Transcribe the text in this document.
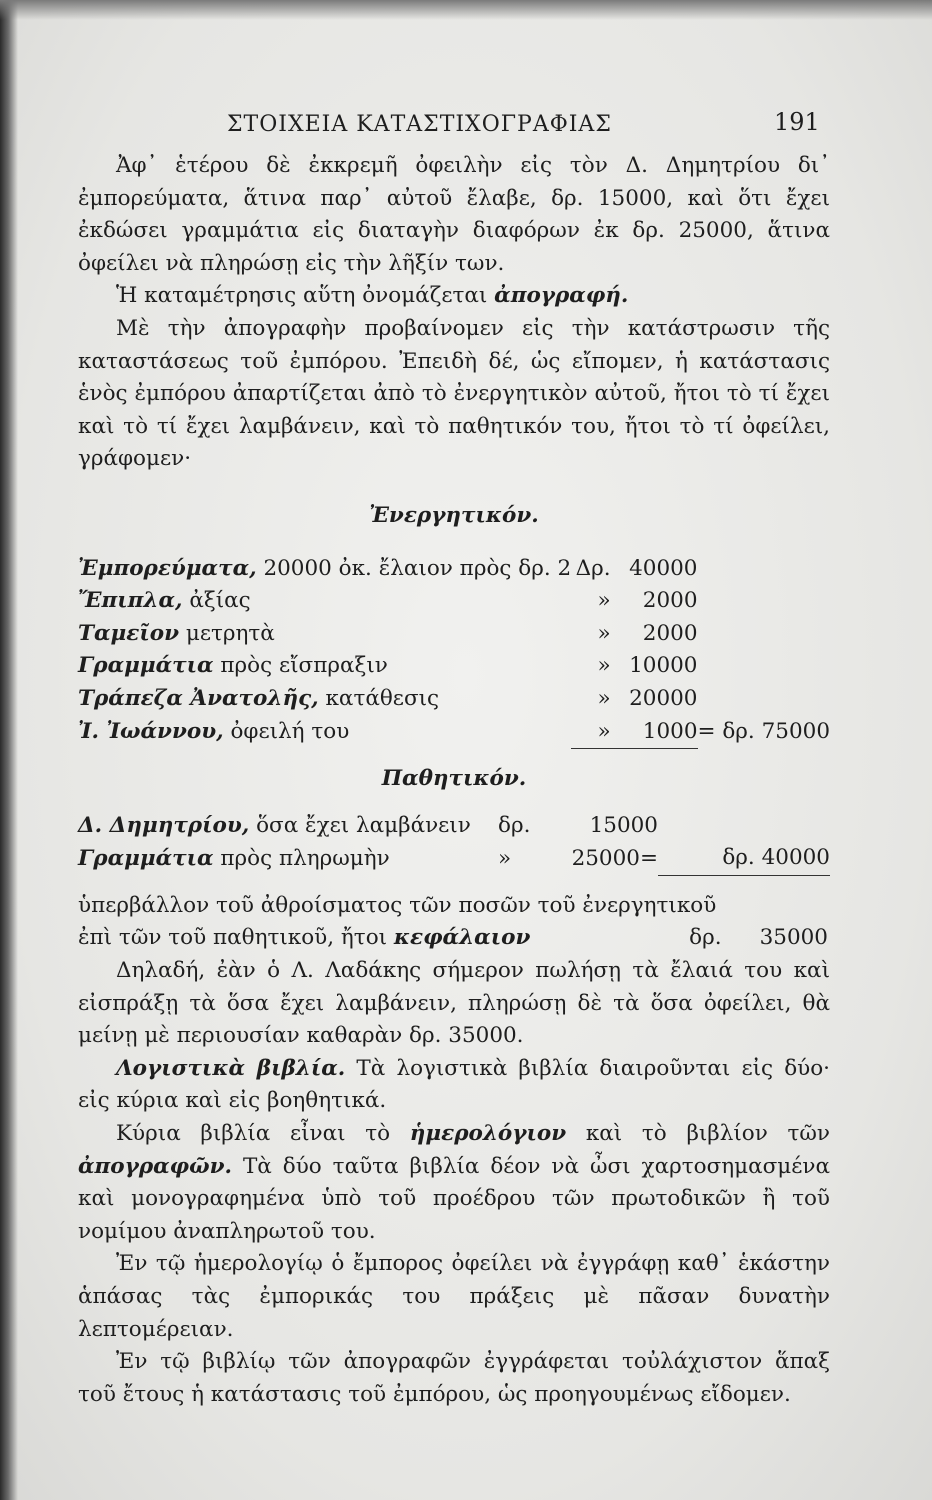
ΣΤΟΙΧΕΙΑ ΚΑΤΑΣΤΙΧΟΓΡΑΦΙΑΣ	191

Ἀφ᾽ ἑτέρου δὲ ἐκκρεμῆ ὀφειλὴν εἰς τὸν Δ. Δημητρίου δι᾽ ἐμπορεύματα, ἅτινα παρ᾽ αὐτοῦ ἔλαβε, δρ. 15000, καὶ ὅτι ἔχει ἐκδώσει γραμμάτια εἰς διαταγὴν διαφόρων ἐκ δρ. 25000, ἅτινα ὀφείλει νὰ πληρώσῃ εἰς τὴν λῆξίν των.

Ἡ καταμέτρησις αὕτη ὀνομάζεται ἀπογραφή.

Μὲ τὴν ἀπογραφὴν προβαίνομεν εἰς τὴν κατάστρωσιν τῆς καταστάσεως τοῦ ἐμπόρου. Ἐπειδὴ δέ, ὡς εἴπομεν, ἡ κατάστασις ἑνὸς ἐμπόρου ἀπαρτίζεται ἀπὸ τὸ ἐνεργητικὸν αὐτοῦ, ἤτοι τὸ τί ἔχει καὶ τὸ τί ἔχει λαμβάνειν, καὶ τὸ παθητικόν του, ἤτοι τὸ τί ὀφείλει, γράφομεν·

Ἐνεργητικόν.
Ἐμπορεύματα, 20000 ὀκ. ἔλαιον πρὸς δρ. 2	Δρ.	40000	
Ἔπιπλα, ἀξίας	»	2000	
Ταμεῖον μετρητὰ	»	2000	
Γραμμάτια πρὸς εἴσπραξιν	»	10000	
Τράπεζα Ἀνατολῆς, κατάθεσις	»	20000	
Ἰ. Ἰωάννου, ὀφειλή του	»	1000	= δρ. 75000
Παθητικόν.
Δ. Δημητρίου, ὅσα ἔχει λαμβάνειν	δρ.	15000	
Γραμμάτια πρὸς πληρωμὴν	»	25000=	δρ. 40000

ὑπερβάλλον τοῦ ἀθροίσματος τῶν ποσῶν τοῦ ἐνεργητικοῦ

ἐπὶ τῶν τοῦ παθητικοῦ, ἤτοι κεφάλαιον	δρ. 35000

Δηλαδή, ἐὰν ὁ Λ. Λαδάκης σήμερον πωλήσῃ τὰ ἔλαιά του καὶ εἰσπράξῃ τὰ ὅσα ἔχει λαμβάνειν, πληρώσῃ δὲ τὰ ὅσα ὀφείλει, θὰ μείνῃ μὲ περιουσίαν καθαρὰν δρ. 35000.

Λογιστικὰ βιβλία. Τὰ λογιστικὰ βιβλία διαιροῦνται εἰς δύο· εἰς κύρια καὶ εἰς βοηθητικά.

Κύρια βιβλία εἶναι τὸ ἡμερολόγιον καὶ τὸ βιβλίον τῶν ἀπογραφῶν. Τὰ δύο ταῦτα βιβλία δέον νὰ ὦσι χαρτοσημασμένα καὶ μονογραφημένα ὑπὸ τοῦ προέδρου τῶν πρωτοδικῶν ἢ τοῦ νομίμου ἀναπληρωτοῦ του.

Ἐν τῷ ἡμερολογίῳ ὁ ἔμπορος ὀφείλει νὰ ἐγγράφῃ καθ᾽ ἑκάστην ἁπάσας τὰς ἐμπορικάς του πράξεις μὲ πᾶσαν δυνατὴν λεπτομέρειαν.

Ἐν τῷ βιβλίῳ τῶν ἀπογραφῶν ἐγγράφεται τοὐλάχιστον ἅπαξ τοῦ ἔτους ἡ κατάστασις τοῦ ἐμπόρου, ὡς προηγουμένως εἴδομεν.
